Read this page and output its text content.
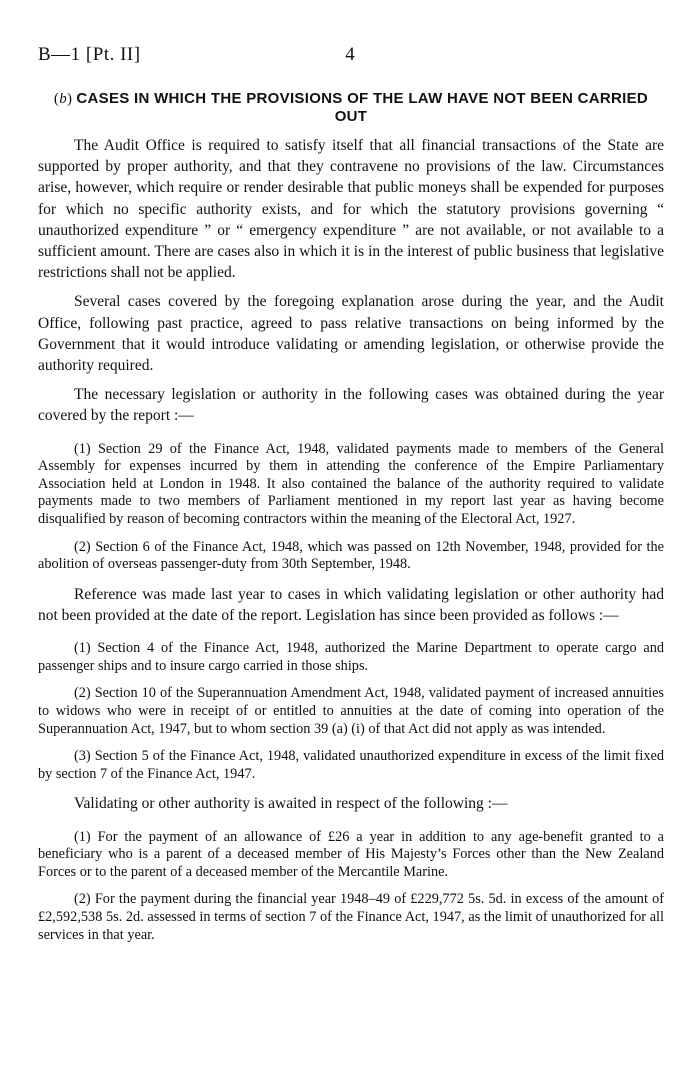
B—1 [Pt. II]	4
(b) CASES IN WHICH THE PROVISIONS OF THE LAW HAVE NOT BEEN CARRIED OUT

The Audit Office is required to satisfy itself that all financial transactions of the State are supported by proper authority, and that they contravene no provisions of the law. Circumstances arise, however, which require or render desirable that public moneys shall be expended for purposes for which no specific authority exists, and for which the statutory provisions governing “ unauthorized expenditure ” or “ emergency expenditure ” are not available, or not available to a sufficient amount. There are cases also in which it is in the interest of public business that legislative restrictions shall not be applied.

Several cases covered by the foregoing explanation arose during the year, and the Audit Office, following past practice, agreed to pass relative transactions on being informed by the Government that it would introduce validating or amending legislation, or otherwise provide the authority required.

The necessary legislation or authority in the following cases was obtained during the year covered by the report :—

(1) Section 29 of the Finance Act, 1948, validated payments made to members of the General Assembly for expenses incurred by them in attending the conference of the Empire Parliamentary Association held at London in 1948. It also contained the balance of the authority required to validate payments made to two members of Parliament mentioned in my report last year as having become disqualified by reason of becoming contractors within the meaning of the Electoral Act, 1927.

(2) Section 6 of the Finance Act, 1948, which was passed on 12th November, 1948, provided for the abolition of overseas passenger-duty from 30th September, 1948.

Reference was made last year to cases in which validating legislation or other authority had not been provided at the date of the report. Legislation has since been provided as follows :—

(1) Section 4 of the Finance Act, 1948, authorized the Marine Department to operate cargo and passenger ships and to insure cargo carried in those ships.

(2) Section 10 of the Superannuation Amendment Act, 1948, validated payment of increased annuities to widows who were in receipt of or entitled to annuities at the date of coming into operation of the Superannuation Act, 1947, but to whom section 39 (a) (i) of that Act did not apply as was intended.

(3) Section 5 of the Finance Act, 1948, validated unauthorized expenditure in excess of the limit fixed by section 7 of the Finance Act, 1947.

Validating or other authority is awaited in respect of the following :—

(1) For the payment of an allowance of £26 a year in addition to any age-benefit granted to a beneficiary who is a parent of a deceased member of His Majesty’s Forces other than the New Zealand Forces or to the parent of a deceased member of the Mercantile Marine.

(2) For the payment during the financial year 1948–49 of £229,772 5s. 5d. in excess of the amount of £2,592,538 5s. 2d. assessed in terms of section 7 of the Finance Act, 1947, as the limit of unauthorized for all services in that year.
